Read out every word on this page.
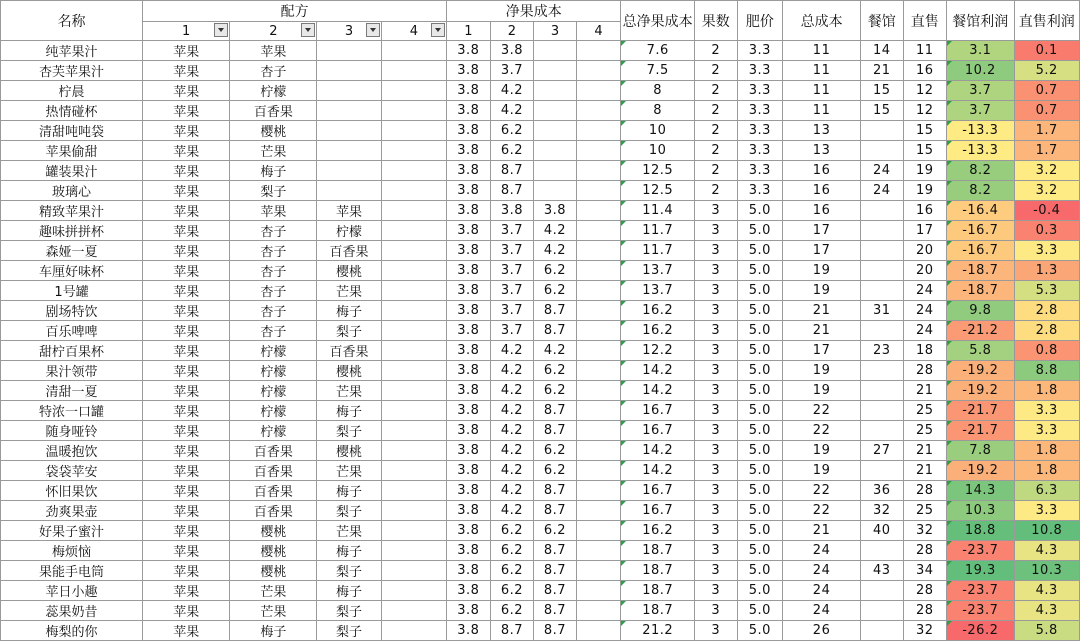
名称	配方				净果成本				总净果成本	果数	肥价	总成本	餐馆	直售	餐馆利润	直售利润
	1	2	3	4	1	2	3	4								
纯苹果汁	苹果	苹果			3.8	3.8			7.6	2	3.3	11	14	11	3.1	0.1
杏芙苹果汁	苹果	杏子			3.8	3.7			7.5	2	3.3	11	21	16	10.2	5.2
柠晨	苹果	柠檬			3.8	4.2			8	2	3.3	11	15	12	3.7	0.7
热情碰杯	苹果	百香果			3.8	4.2			8	2	3.3	11	15	12	3.7	0.7
清甜吨吨袋	苹果	樱桃			3.8	6.2			10	2	3.3	13		15	-13.3	1.7
苹果偷甜	苹果	芒果			3.8	6.2			10	2	3.3	13		15	-13.3	1.7
罐装果汁	苹果	梅子			3.8	8.7			12.5	2	3.3	16	24	19	8.2	3.2
玻璃心	苹果	梨子			3.8	8.7			12.5	2	3.3	16	24	19	8.2	3.2
精致苹果汁	苹果	苹果	苹果		3.8	3.8	3.8		11.4	3	5.0	16		16	-16.4	-0.4
趣味拼拼杯	苹果	杏子	柠檬		3.8	3.7	4.2		11.7	3	5.0	17		17	-16.7	0.3
森娅一夏	苹果	杏子	百香果		3.8	3.7	4.2		11.7	3	5.0	17		20	-16.7	3.3
车厘好味杯	苹果	杏子	樱桃		3.8	3.7	6.2		13.7	3	5.0	19		20	-18.7	1.3
1号罐	苹果	杏子	芒果		3.8	3.7	6.2		13.7	3	5.0	19		24	-18.7	5.3
剧场特饮	苹果	杏子	梅子		3.8	3.7	8.7		16.2	3	5.0	21	31	24	9.8	2.8
百乐啤啤	苹果	杏子	梨子		3.8	3.7	8.7		16.2	3	5.0	21		24	-21.2	2.8
甜柠百果杯	苹果	柠檬	百香果		3.8	4.2	4.2		12.2	3	5.0	17	23	18	5.8	0.8
果汁领带	苹果	柠檬	樱桃		3.8	4.2	6.2		14.2	3	5.0	19		28	-19.2	8.8
清甜一夏	苹果	柠檬	芒果		3.8	4.2	6.2		14.2	3	5.0	19		21	-19.2	1.8
特浓一口罐	苹果	柠檬	梅子		3.8	4.2	8.7		16.7	3	5.0	22		25	-21.7	3.3
随身哑铃	苹果	柠檬	梨子		3.8	4.2	8.7		16.7	3	5.0	22		25	-21.7	3.3
温暖抱饮	苹果	百香果	樱桃		3.8	4.2	6.2		14.2	3	5.0	19	27	21	7.8	1.8
袋袋苹安	苹果	百香果	芒果		3.8	4.2	6.2		14.2	3	5.0	19		21	-19.2	1.8
怀旧果饮	苹果	百香果	梅子		3.8	4.2	8.7		16.7	3	5.0	22	36	28	14.3	6.3
劲爽果壶	苹果	百香果	梨子		3.8	4.2	8.7		16.7	3	5.0	22	32	25	10.3	3.3
好果子蜜汁	苹果	樱桃	芒果		3.8	6.2	6.2		16.2	3	5.0	21	40	32	18.8	10.8
梅烦恼	苹果	樱桃	梅子		3.8	6.2	8.7		18.7	3	5.0	24		28	-23.7	4.3
果能手电筒	苹果	樱桃	梨子		3.8	6.2	8.7		18.7	3	5.0	24	43	34	19.3	10.3
苹日小趣	苹果	芒果	梅子		3.8	6.2	8.7		18.7	3	5.0	24		28	-23.7	4.3
蕊果奶昔	苹果	芒果	梨子		3.8	6.2	8.7		18.7	3	5.0	24		28	-23.7	4.3
梅梨的你	苹果	梅子	梨子		3.8	8.7	8.7		21.2	3	5.0	26		32	-26.2	5.8
